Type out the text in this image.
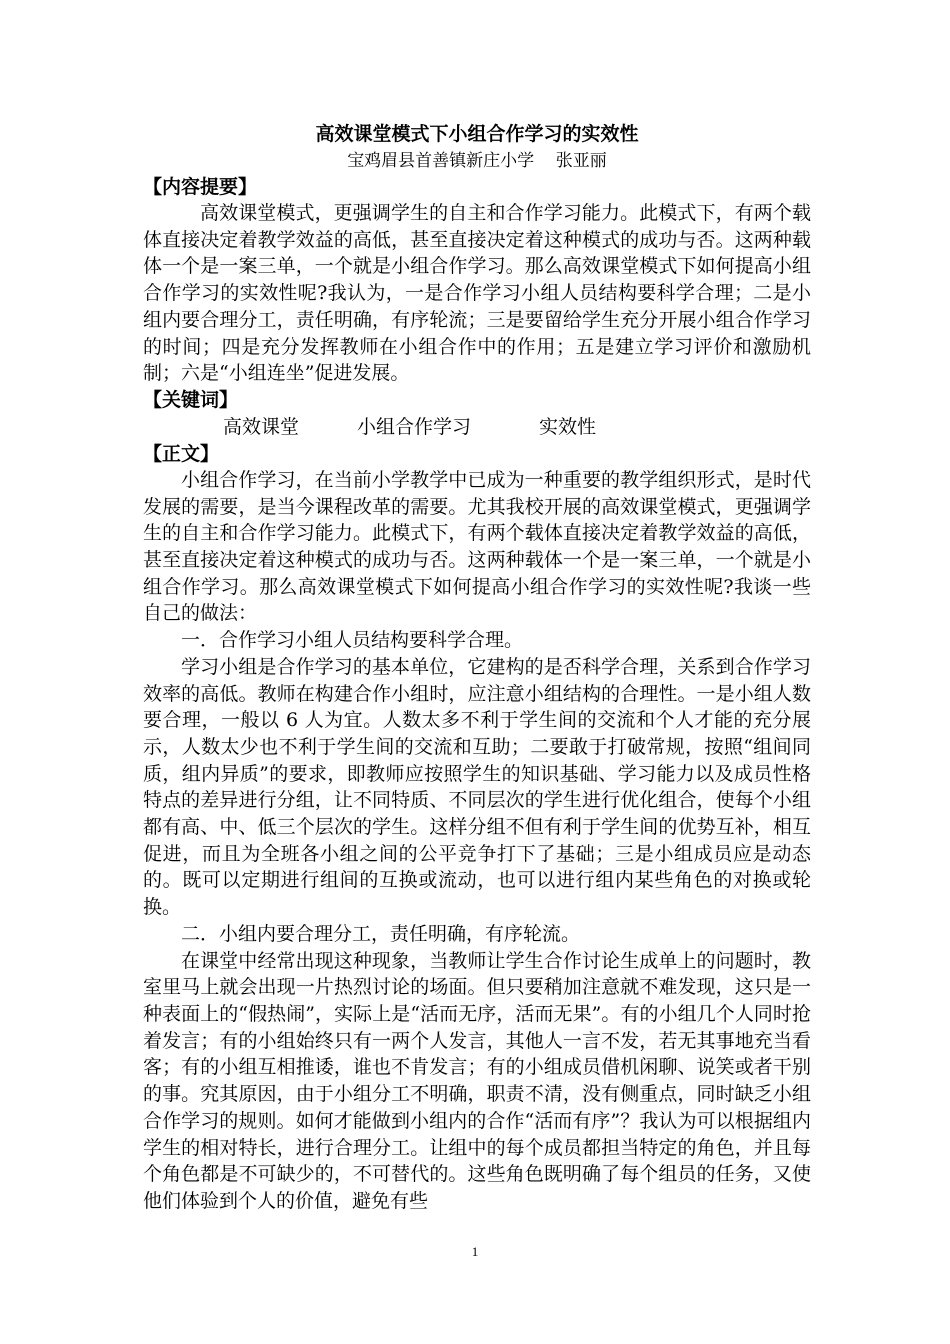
高效课堂模式下小组合作学习的实效性

宝鸡眉县首善镇新庄小学    张亚丽

【内容提要】

高效课堂模式，更强调学生的自主和合作学习能力。此模式下，有两个载体直接决定着教学效益的高低，甚至直接决定着这种模式的成功与否。这两种载体一个是一案三单，一个就是小组合作学习。那么高效课堂模式下如何提高小组合作学习的实效性呢?我认为，一是合作学习小组人员结构要科学合理；二是小组内要合理分工，责任明确，有序轮流；三是要留给学生充分开展小组合作学习的时间；四是充分发挥教师在小组合作中的作用；五是建立学习评价和激励机制；六是“小组连坐”促进发展。

【关键词】

高效课堂	小组合作学习	实效性

【正文】

小组合作学习，在当前小学教学中已成为一种重要的教学组织形式，是时代发展的需要，是当今课程改革的需要。尤其我校开展的高效课堂模式，更强调学生的自主和合作学习能力。此模式下，有两个载体直接决定着教学效益的高低，甚至直接决定着这种模式的成功与否。这两种载体一个是一案三单，一个就是小组合作学习。那么高效课堂模式下如何提高小组合作学习的实效性呢?我谈一些自己的做法：

一．合作学习小组人员结构要科学合理。

学习小组是合作学习的基本单位，它建构的是否科学合理，关系到合作学习效率的高低。教师在构建合作小组时，应注意小组结构的合理性。一是小组人数要合理，一般以 6 人为宜。人数太多不利于学生间的交流和个人才能的充分展示，人数太少也不利于学生间的交流和互助；二要敢于打破常规，按照“组间同质，组内异质”的要求，即教师应按照学生的知识基础、学习能力以及成员性格特点的差异进行分组，让不同特质、不同层次的学生进行优化组合，使每个小组都有高、中、低三个层次的学生。这样分组不但有利于学生间的优势互补，相互促进，而且为全班各小组之间的公平竞争打下了基础；三是小组成员应是动态的。既可以定期进行组间的互换或流动，也可以进行组内某些角色的对换或轮换。

二．小组内要合理分工，责任明确，有序轮流。

在课堂中经常出现这种现象，当教师让学生合作讨论生成单上的问题时，教室里马上就会出现一片热烈讨论的场面。但只要稍加注意就不难发现，这只是一种表面上的“假热闹”，实际上是“活而无序，活而无果”。有的小组几个人同时抢着发言；有的小组始终只有一两个人发言，其他人一言不发，若无其事地充当看客；有的小组互相推诿，谁也不肯发言；有的小组成员借机闲聊、说笑或者干别的事。究其原因，由于小组分工不明确，职责不清，没有侧重点，同时缺乏小组合作学习的规则。如何才能做到小组内的合作“活而有序”？我认为可以根据组内学生的相对特长，进行合理分工。让组中的每个成员都担当特定的角色，并且每个角色都是不可缺少的，不可替代的。这些角色既明确了每个组员的任务，又使他们体验到个人的价值，避免有些

1
